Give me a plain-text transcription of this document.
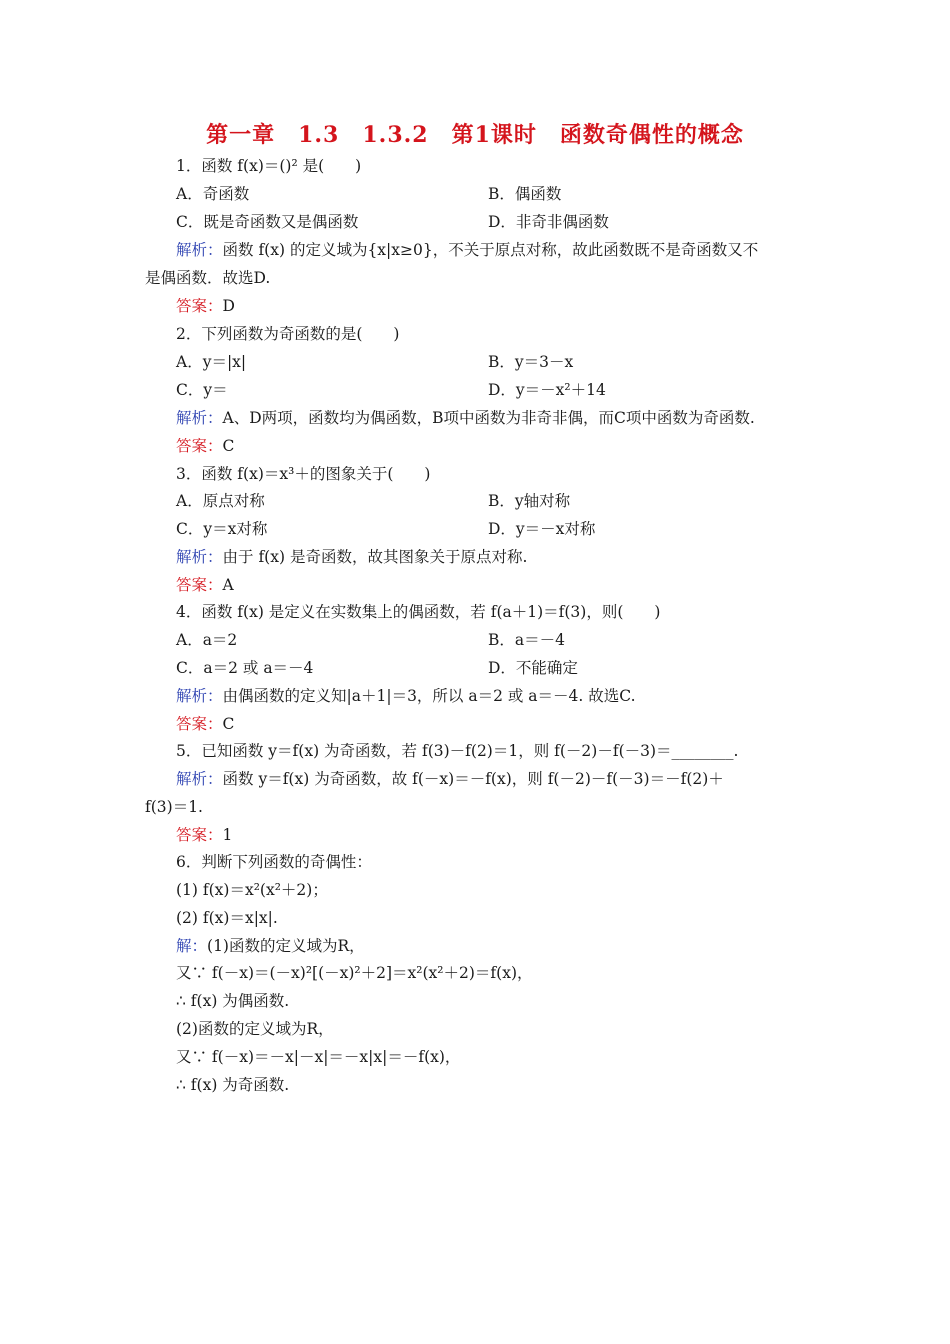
第一章　1.3　1.3.2　第1课时　函数奇偶性的概念
1．函数 f(x)＝()² 是(　　)
A．奇函数	B．偶函数
C．既是奇函数又是偶函数	D．非奇非偶函数
解析：函数 f(x) 的定义域为{x|x≥0}，不关于原点对称，故此函数既不是奇函数又不
是偶函数．故选D.
答案：D
2．下列函数为奇函数的是(　　)
A．y＝|x|	B．y＝3－x
C．y＝	D．y＝－x²＋14
解析：A、D两项，函数均为偶函数，B项中函数为非奇非偶，而C项中函数为奇函数.
答案：C
3．函数 f(x)＝x³＋的图象关于(　　)
A．原点对称	B．y轴对称
C．y＝x对称	D．y＝－x对称
解析：由于 f(x) 是奇函数，故其图象关于原点对称.
答案：A
4．函数 f(x) 是定义在实数集上的偶函数，若 f(a＋1)＝f(3)，则(　　)
A．a＝2	B．a＝－4
C．a＝2 或 a＝－4	D．不能确定
解析：由偶函数的定义知|a＋1|＝3，所以 a＝2 或 a＝－4. 故选C.
答案：C
5．已知函数 y＝f(x) 为奇函数，若 f(3)－f(2)＝1，则 f(－2)－f(－3)＝________.
解析：函数 y＝f(x) 为奇函数，故 f(－x)＝－f(x)，则 f(－2)－f(－3)＝－f(2)＋
f(3)＝1.
答案：1
6．判断下列函数的奇偶性：
(1) f(x)＝x²(x²＋2)；
(2) f(x)＝x|x|.
解：(1)函数的定义域为R，
又∵ f(－x)＝(－x)²[(－x)²＋2]＝x²(x²＋2)＝f(x)，
∴ f(x) 为偶函数.
(2)函数的定义域为R，
又∵ f(－x)＝－x|－x|＝－x|x|＝－f(x)，
∴ f(x) 为奇函数.
